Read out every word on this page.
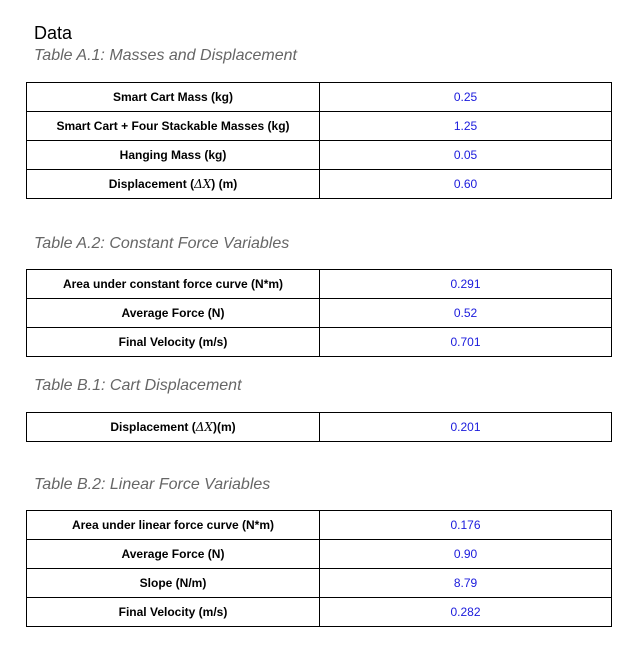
Data
Table A.1: Masses and Displacement
Smart Cart Mass (kg)	0.25
Smart Cart + Four Stackable Masses (kg)	1.25
Hanging Mass (kg)	0.05
Displacement (ΔX) (m)	0.60
Table A.2: Constant Force Variables
Area under constant force curve (N*m)	0.291
Average Force (N)	0.52
Final Velocity (m/s)	0.701
Table B.1: Cart Displacement
Displacement (ΔX)(m)	0.201
Table B.2: Linear Force Variables
Area under linear force curve (N*m)	0.176
Average Force (N)	0.90
Slope (N/m)	8.79
Final Velocity (m/s)	0.282
